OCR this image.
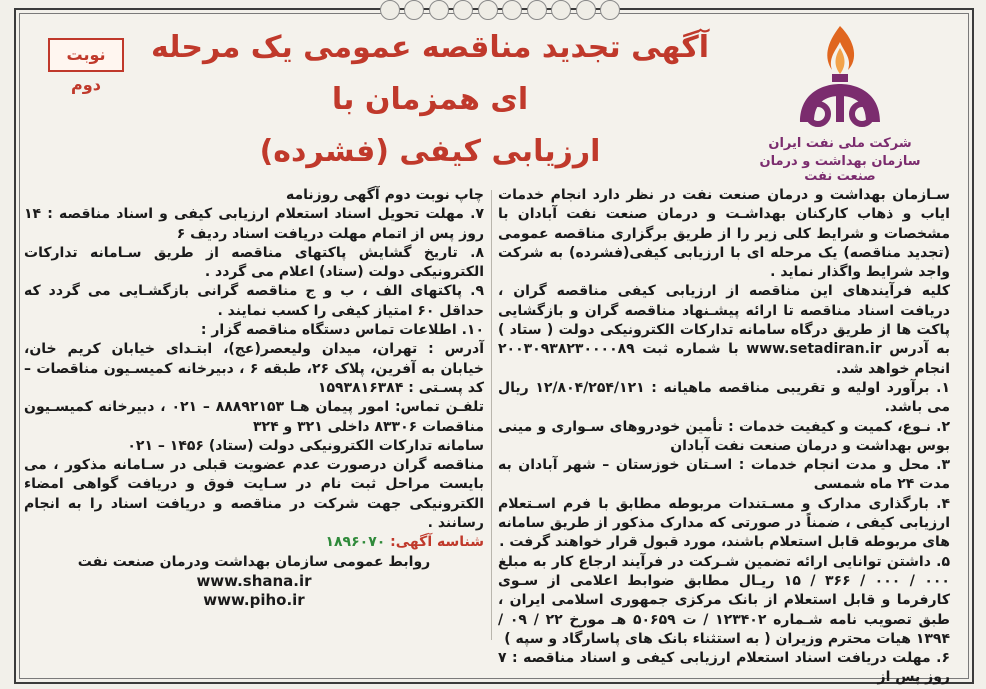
نوبت دوم
آگهی تجدید مناقصه عمومی یک مرحله ای همزمان با
ارزیابی کیفی (فشرده)	شرکت ملی نفت ایران
سازمان بهداشت و درمان صنعت نفت

سـازمان بهداشت و درمان صنعت نفت در نظر دارد انجام خدمات ایاب و ذهاب کارکنان بهداشـت و درمان صنعت نفت آبادان با مشخصات و شرایط کلی زیر را از طریق برگزاری مناقصه عمومی (تجدید مناقصه) یک مرحله ای با ارزیابی کیفی(فشرده) به شرکت واجد شرایط واگذار نماید .

کلیه فرآیندهای این مناقصه از ارزیابی کیفی مناقصه گران ، دریافت اسناد مناقصه تا ارائه پیشـنهاد مناقصه گران و بازگشایی پاکت ها از طریق درگاه سامانه تدارکات الکترونیکی دولت ( ستاد ) به آدرس www.setadiran.ir با شماره ثبت ۲۰۰۳۰۹۳۸۲۳۰۰۰۰۸۹ انجام خواهد شد.

۱. برآورد اولیه و تقریبی مناقصه ماهیانه : ۱۲/۸۰۴/۲۵۴/۱۲۱ ریال می باشد.

۲. نـوع، کمیت و کیفیت خدمات : تأمین خودروهای سـواری و مینی بوس بهداشت و درمان صنعت نفت آبادان

۳. محل و مدت انجام خدمات : اسـتان خوزستان – شهر آبادان به مدت ۲۴ ماه شمسی

۴. بارگذاری مدارک و مسـتندات مربوطه مطابق با فرم اسـتعلام ارزیابی کیفی ، ضمناً در صورتی که مدارک مذکور از طریق سامانه های مربوطه قابل استعلام باشند، مورد قبول قرار خواهند گرفت .

۵. داشتن توانایی ارائه تضمین شـرکت در فرآیند ارجاع کار به مبلغ ۰۰۰ / ۰۰۰ / ۳۶۶ / ۱۵ ریـال مطابق ضوابط اعلامی از سـوی کارفرما و قابل استعلام از بانک مرکزی جمهوری اسلامی ایران ، طبق تصویب نامه شـماره ۱۲۳۴۰۲ / ت ۵۰۶۵۹ هـ مورخ ۲۲ / ۰۹ / ۱۳۹۴ هیات محترم وزیران ( به استثناء بانک های پاسارگاد و سپه )

۶. مهلت دریافت اسناد استعلام ارزیابی کیفی و اسناد مناقصه : ۷ روز پس از

چاپ نوبت دوم آگهی روزنامه

۷. مهلت تحویل اسناد استعلام ارزیابی کیفی و اسناد مناقصه : ۱۴ روز پس از اتمام مهلت دریافت اسناد ردیف ۶

۸. تاریخ گشایش پاکتهای مناقصه از طریق سـامانه تدارکات الکترونیکی دولت (ستاد) اعلام می گردد .

۹. پاکتهای الف ، ب و ج مناقصه گرانی بازگشـایی می گردد که حداقل ۶۰ امتیاز کیفی را کسب نمایند .

۱۰. اطلاعات تماس دستگاه مناقصه گزار :

آدرس : تهران، میدان ولیعصر(عج)، ابتـدای خیابان کریم خان، خیابان به آفرین، پلاک ۲۶، طبقه ۶ ، دبیرخانه کمیسـیون مناقصات – کد پسـتی : ۱۵۹۳۸۱۶۳۸۴

تلفـن تماس: امور پیمان هـا ۸۸۸۹۲۱۵۳ – ۰۲۱ ، دبیرخانه کمیسـیون مناقصات ۸۳۳۰۶ داخلی ۳۲۱ و ۳۲۴

سامانه تدارکات الکترونیکی دولت (ستاد) ۱۴۵۶ – ۰۲۱

مناقصه گران درصورت عدم عضویت قبلی در سـامانه مذکور ، می بایست مراحل ثبت نام در سـایت فوق و دریافت گواهی امضاء الکترونیکی جهت شرکت در مناقصه و دریافت اسناد را به انجام رسانند .

شناسه آگهی: ۱۸۹۶۰۷۰

روابط عمومی سازمان بهداشت ودرمان صنعت نفت

www.shana.ir

www.piho.ir
